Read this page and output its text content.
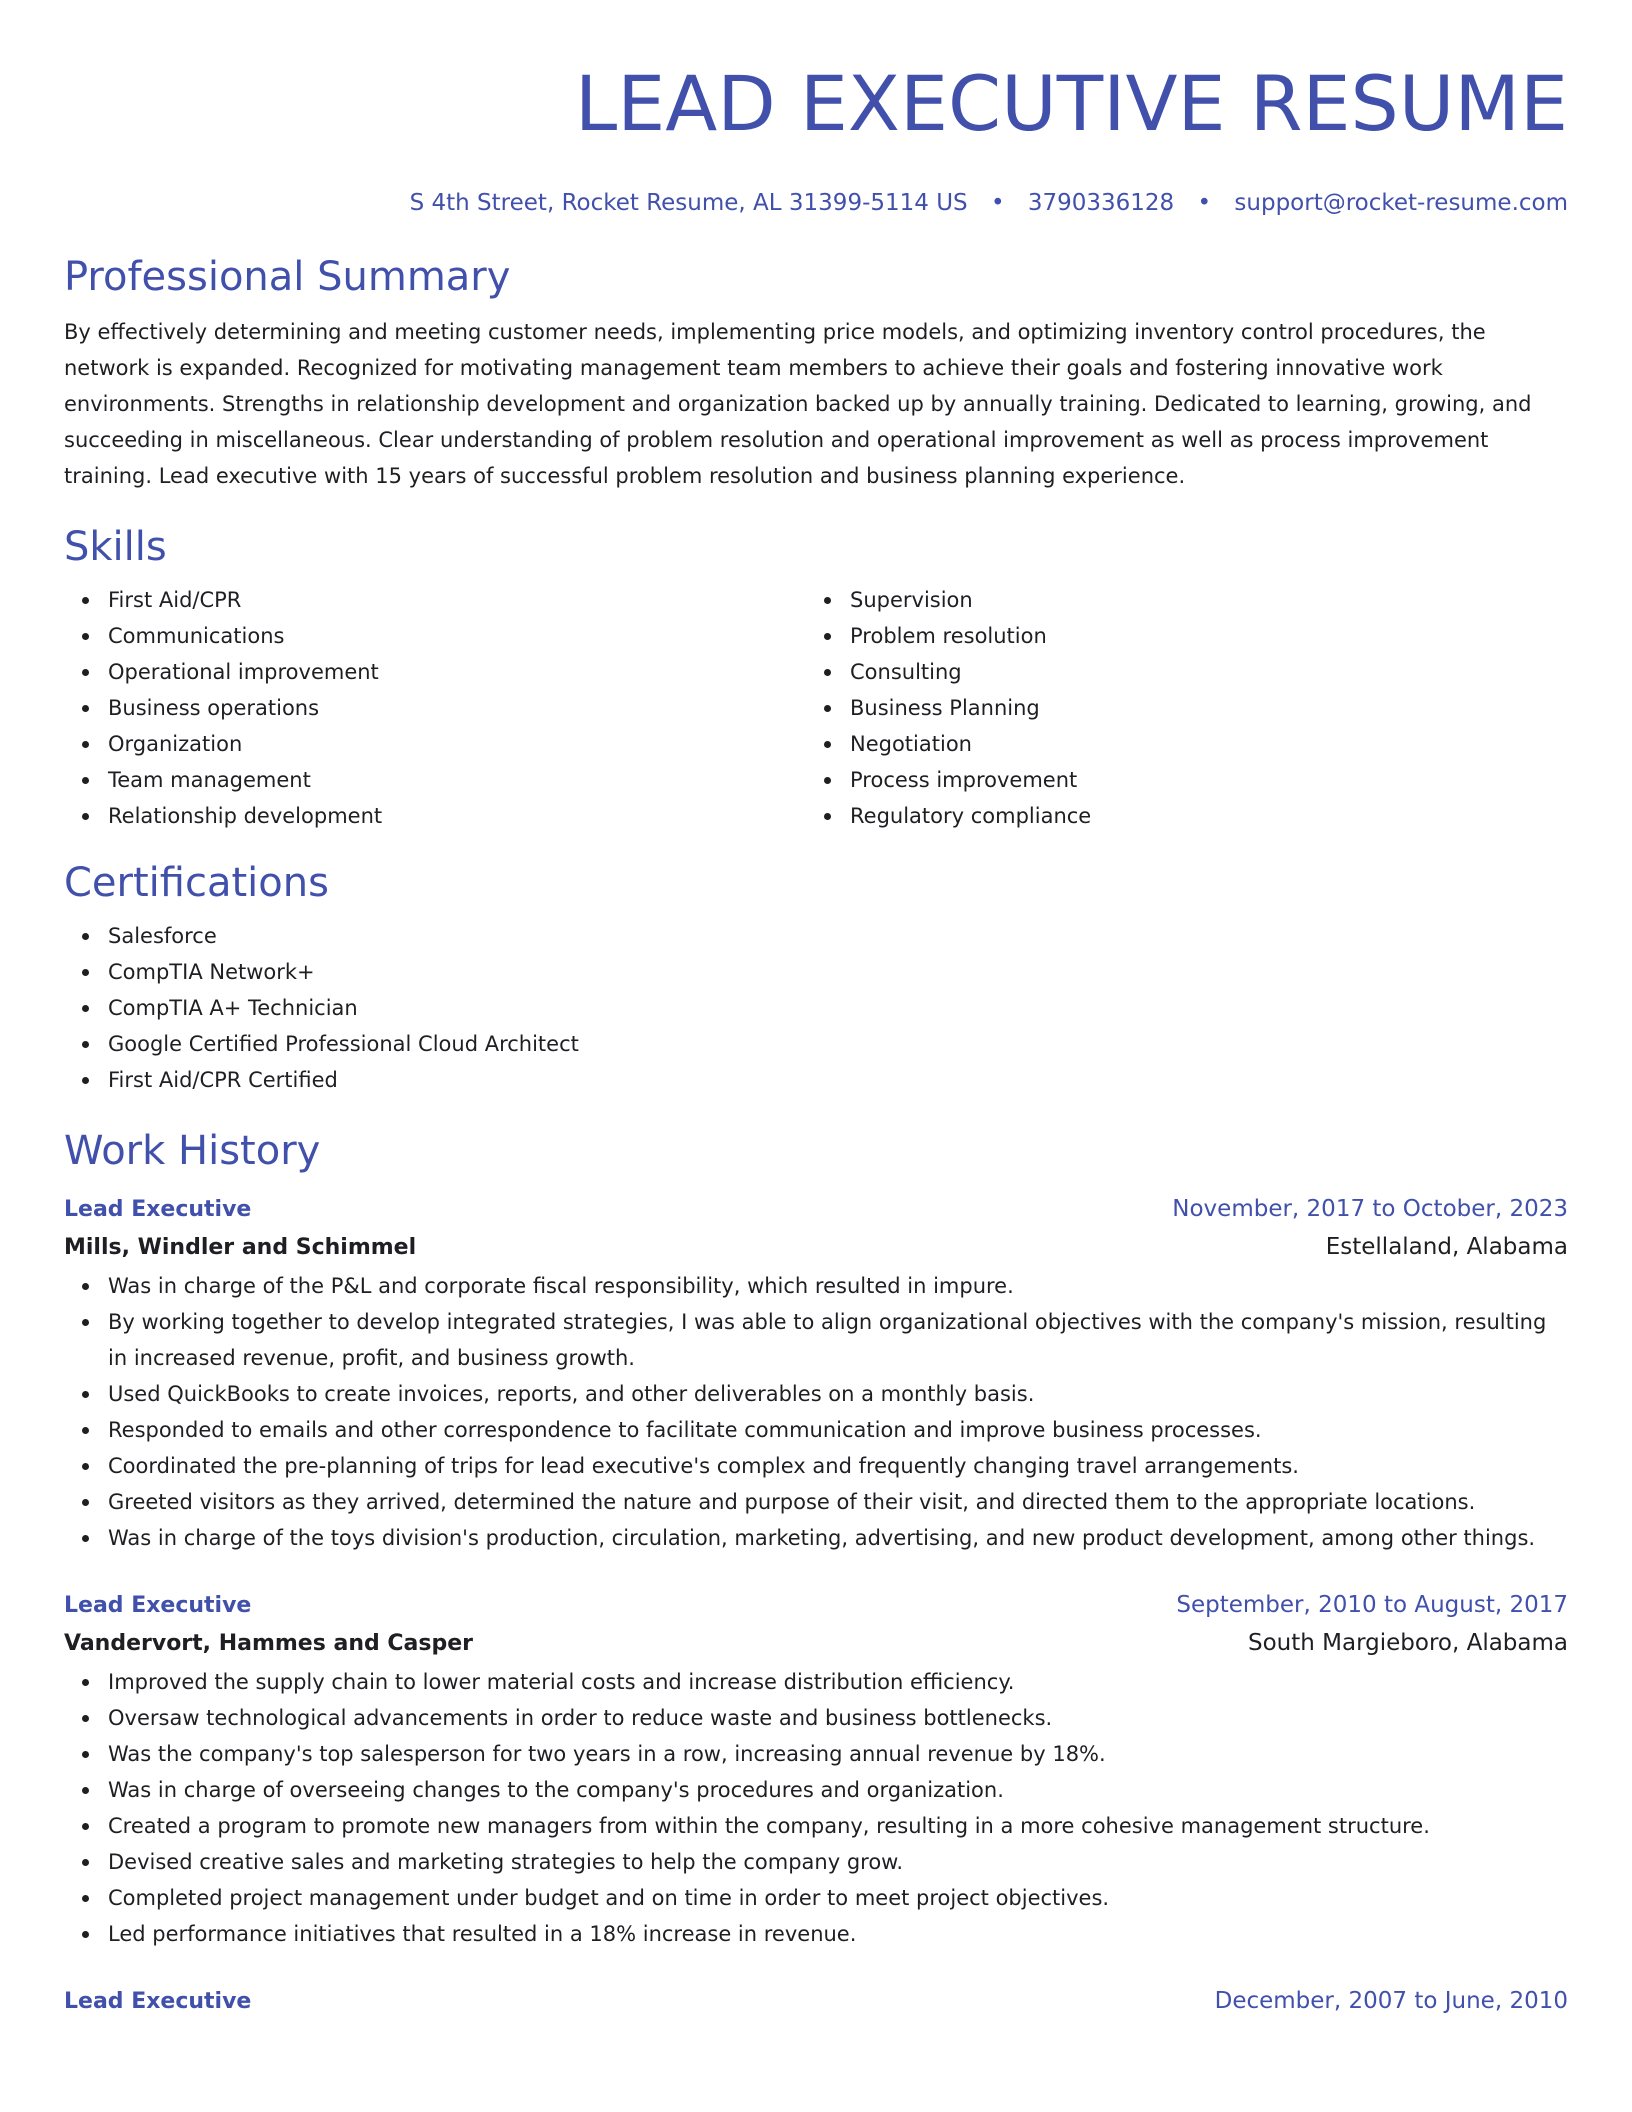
LEAD EXECUTIVE RESUME
S 4th Street, Rocket Resume, AL 31399-5114 US • 3790336128 • support@rocket-resume.com
Professional Summary
By effectively determining and meeting customer needs, implementing price models, and optimizing inventory control procedures, the network is expanded. Recognized for motivating management team members to achieve their goals and fostering innovative work environments. Strengths in relationship development and organization backed up by annually training. Dedicated to learning, growing, and succeeding in miscellaneous. Clear understanding of problem resolution and operational improvement as well as process improvement training. Lead executive with 15 years of successful problem resolution and business planning experience.
Skills
First Aid/CPR
Communications
Operational improvement
Business operations
Organization
Team management
Relationship development
Supervision
Problem resolution
Consulting
Business Planning
Negotiation
Process improvement
Regulatory compliance
Certifications
Salesforce
CompTIA Network+
CompTIA A+ Technician
Google Certified Professional Cloud Architect
First Aid/CPR Certified
Work History
Lead Executive	November, 2017 to October, 2023
Mills, Windler and Schimmel	Estellaland, Alabama
Was in charge of the P&L and corporate fiscal responsibility, which resulted in impure.
By working together to develop integrated strategies, I was able to align organizational objectives with the company's mission, resulting in increased revenue, profit, and business growth.
Used QuickBooks to create invoices, reports, and other deliverables on a monthly basis.
Responded to emails and other correspondence to facilitate communication and improve business processes.
Coordinated the pre-planning of trips for lead executive's complex and frequently changing travel arrangements.
Greeted visitors as they arrived, determined the nature and purpose of their visit, and directed them to the appropriate locations.
Was in charge of the toys division's production, circulation, marketing, advertising, and new product development, among other things.
Lead Executive	September, 2010 to August, 2017
Vandervort, Hammes and Casper	South Margieboro, Alabama
Improved the supply chain to lower material costs and increase distribution efficiency.
Oversaw technological advancements in order to reduce waste and business bottlenecks.
Was the company's top salesperson for two years in a row, increasing annual revenue by 18%.
Was in charge of overseeing changes to the company's procedures and organization.
Created a program to promote new managers from within the company, resulting in a more cohesive management structure.
Devised creative sales and marketing strategies to help the company grow.
Completed project management under budget and on time in order to meet project objectives.
Led performance initiatives that resulted in a 18% increase in revenue.
Lead Executive	December, 2007 to June, 2010
